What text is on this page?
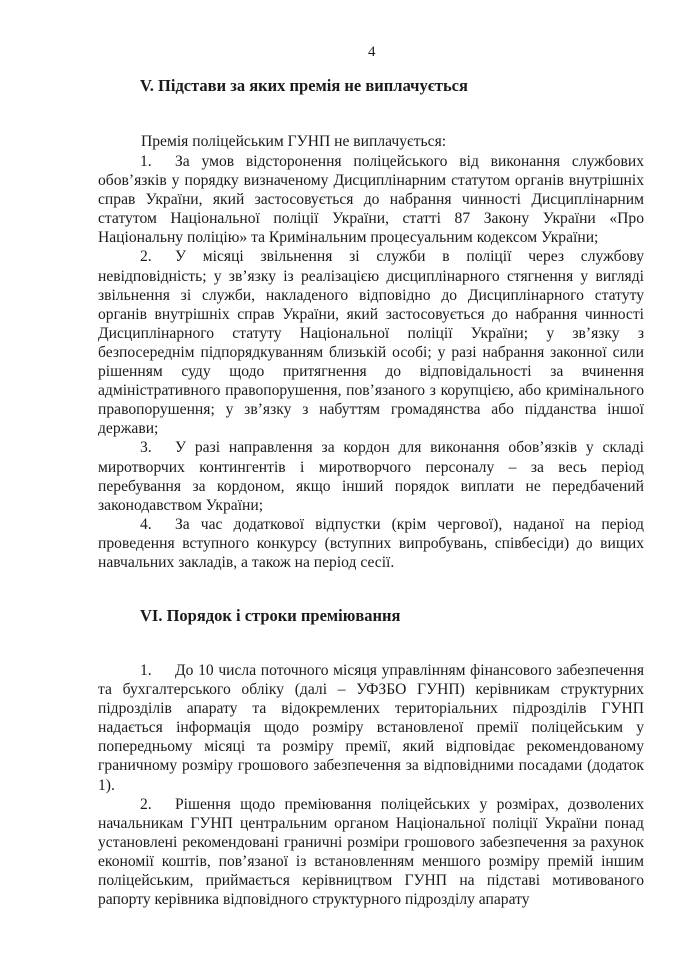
4
V. Підстави за яких премія не виплачується
Премія поліцейським ГУНП не виплачується:

1. За умов відсторонення поліцейського від виконання службових обов’язків у порядку визначеному Дисциплінарним статутом органів внутрішніх справ України, який застосовується до набрання чинності Дисциплінарним статутом Національної поліції України, статті 87 Закону України «Про Національну поліцію» та Кримінальним процесуальним кодексом України;

2. У місяці звільнення зі служби в поліції через службову невідповідність; у зв’язку із реалізацією дисциплінарного стягнення у вигляді звільнення зі служби, накладеного відповідно до Дисциплінарного статуту органів внутрішніх справ України, який застосовується до набрання чинності Дисциплінарного статуту Національної поліції України; у зв’язку з безпосереднім підпорядкуванням близькій особі; у разі набрання законної сили рішенням суду щодо притягнення до відповідальності за вчинення адміністративного правопорушення, пов’язаного з корупцією, або кримінального правопорушення; у зв’язку з набуттям громадянства або підданства іншої держави;

3. У разі направлення за кордон для виконання обов’язків у складі миротворчих контингентів і миротворчого персоналу – за весь період перебування за кордоном, якщо інший порядок виплати не передбачений законодавством України;

4. За час додаткової відпустки (крім чергової), наданої на період проведення вступного конкурсу (вступних випробувань, співбесіди) до вищих навчальних закладів, а також на період сесії.

VI. Порядок і строки преміювання

1. До 10 числа поточного місяця управлінням фінансового забезпечення та бухгалтерського обліку (далі – УФЗБО ГУНП) керівникам структурних підрозділів апарату та відокремлених територіальних підрозділів ГУНП надається інформація щодо розміру встановленої премії поліцейським у попередньому місяці та розміру премії, який відповідає рекомендованому граничному розміру грошового забезпечення за відповідними посадами (додаток 1).

2. Рішення щодо преміювання поліцейських у розмірах, дозволених начальникам ГУНП центральним органом Національної поліції України понад установлені рекомендовані граничні розміри грошового забезпечення за рахунок економії коштів, пов’язаної із встановленням меншого розміру премій іншим поліцейським, приймається керівництвом ГУНП на підставі мотивованого рапорту керівника відповідного структурного підрозділу апарату
